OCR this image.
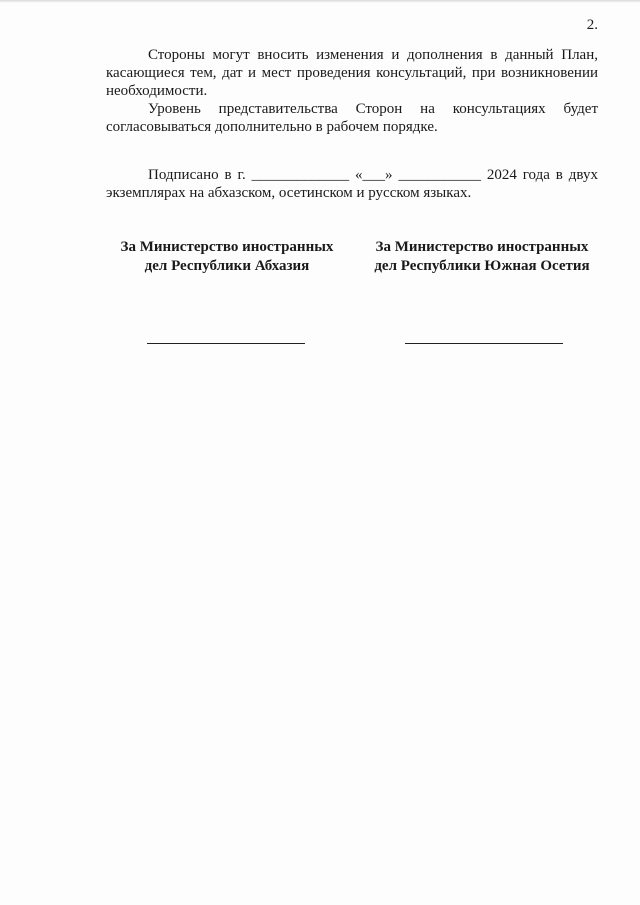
2.

Стороны могут вносить изменения и дополнения в данный План, касающиеся тем, дат и мест проведения консультаций, при возникновении необходимости.

Уровень представительства Сторон на консультациях будет согласовываться дополнительно в рабочем порядке.

Подписано в г. _____________ «___» ___________ 2024 года в двух экземплярах на абхазском, осетинском и русском языках.

За Министерство иностранных
дел Республики Абхазия
За Министерство иностранных
дел Республики Южная Осетия
